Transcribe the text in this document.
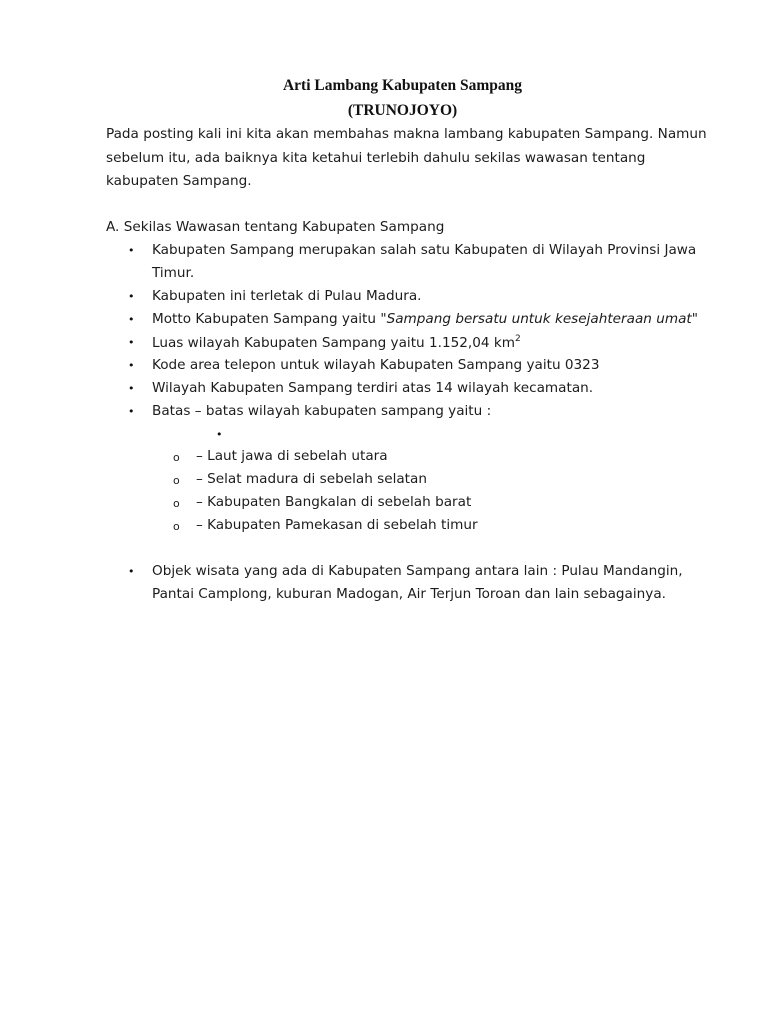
Arti Lambang Kabupaten Sampang
(TRUNOJOYO)
Pada posting kali ini kita akan membahas makna lambang kabupaten Sampang. Namun
sebelum itu, ada baiknya kita ketahui terlebih dahulu sekilas wawasan tentang
kabupaten Sampang.
A. Sekilas Wawasan tentang Kabupaten Sampang
• Kabupaten Sampang merupakan salah satu Kabupaten di Wilayah Provinsi Jawa
Timur.
• Kabupaten ini terletak di Pulau Madura.
• Motto Kabupaten Sampang yaitu "Sampang bersatu untuk kesejahteraan umat"
• Luas wilayah Kabupaten Sampang yaitu 1.152,04 $km^2$
• Kode area telepon untuk wilayah Kabupaten Sampang yaitu 0323
• Wilayah Kabupaten Sampang terdiri atas 14 wilayah kecamatan.
• Batas – batas wilayah kabupaten sampang yaitu :
•
o – Laut jawa di sebelah utara
o – Selat madura di sebelah selatan
o – Kabupaten Bangkalan di sebelah barat
o – Kabupaten Pamekasan di sebelah timur
• Objek wisata yang ada di Kabupaten Sampang antara lain : Pulau Mandangin,
Pantai Camplong, kuburan Madogan, Air Terjun Toroan dan lain sebagainya.
